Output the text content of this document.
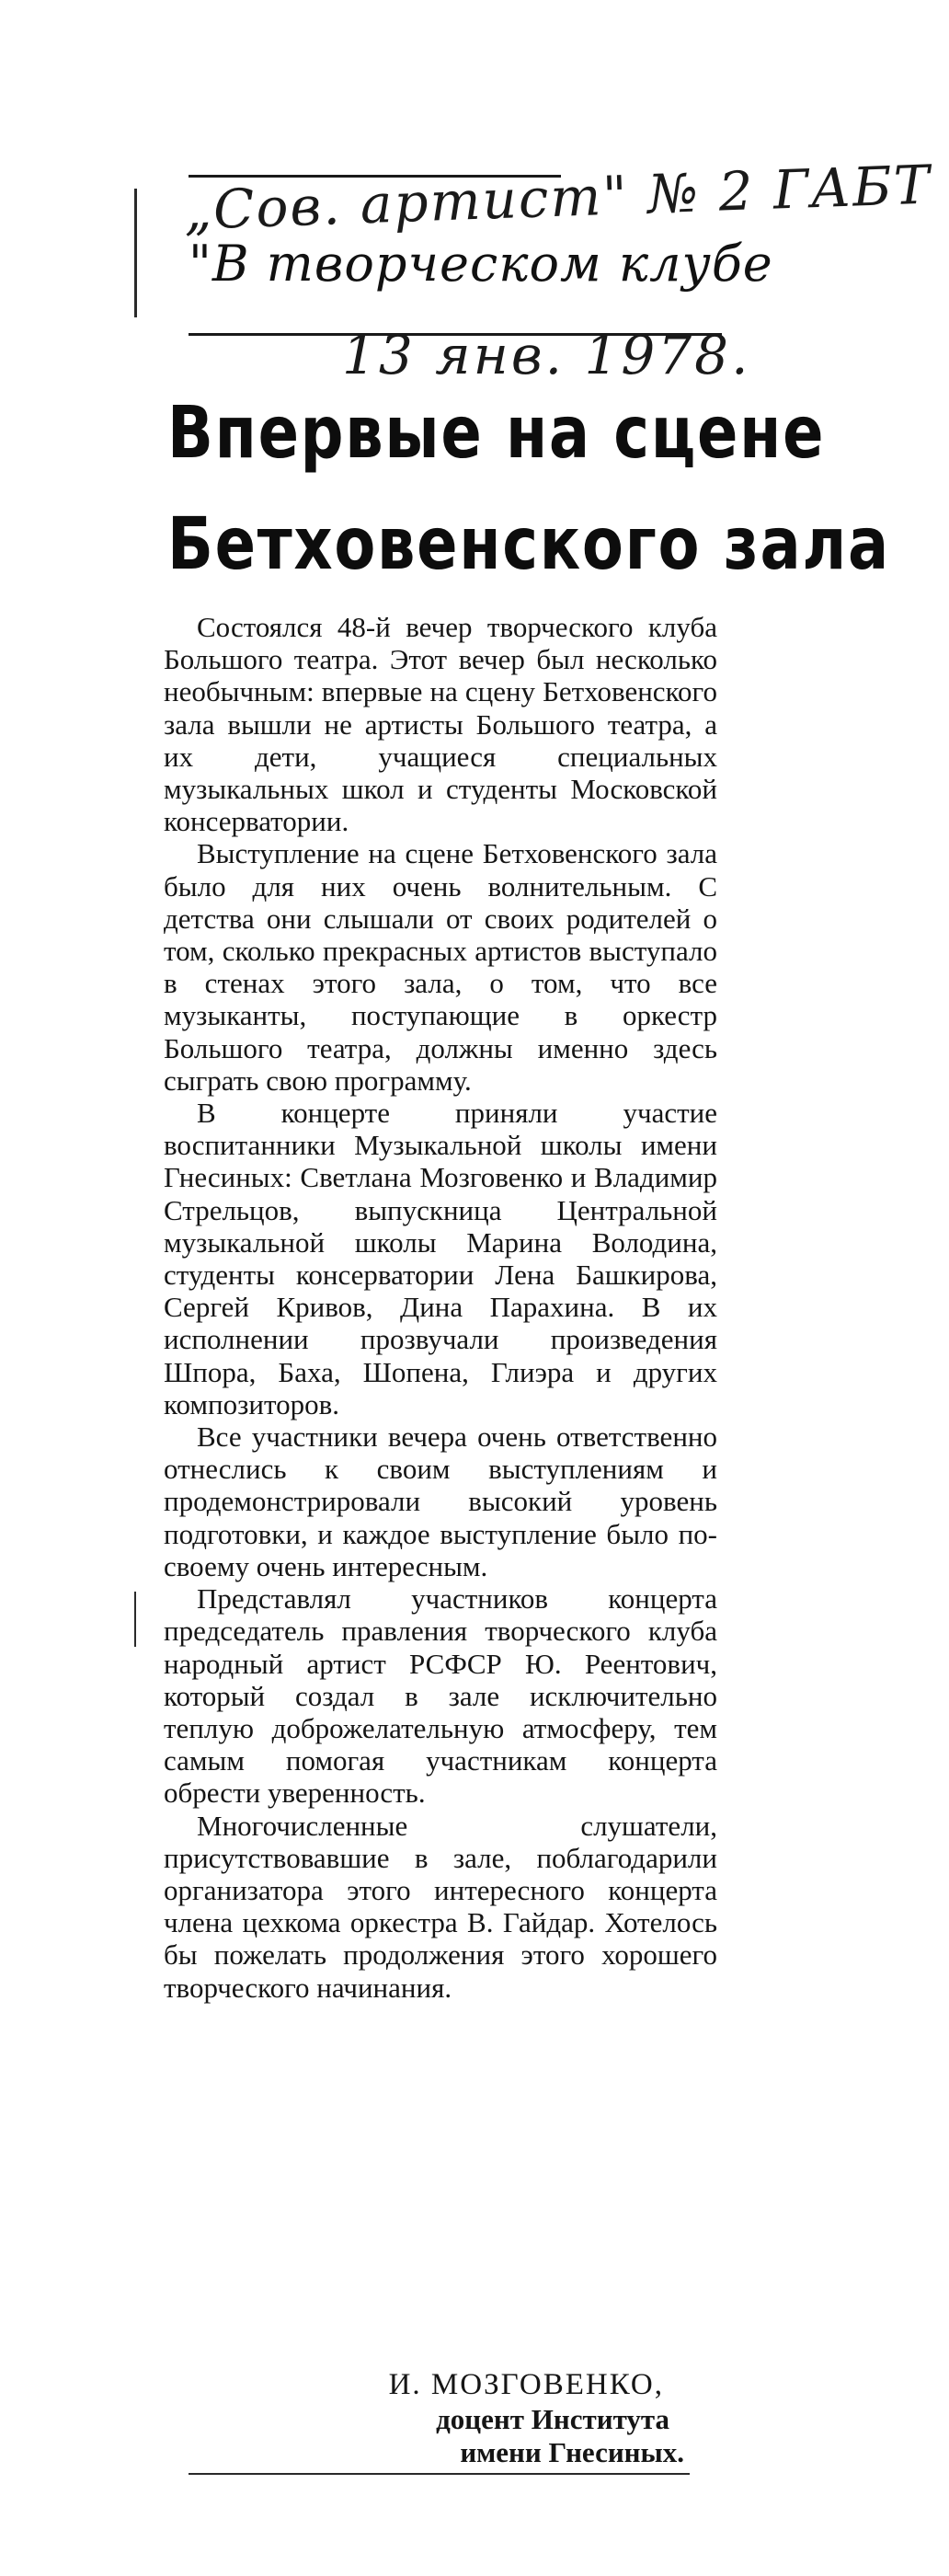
„Сов. артист" № 2 ГАБТ
"В творческом клубе
13 янв. 1978.
Впервые на сцене
Бетховенского зала

Состоялся 48-й вечер творческого клуба Большого театра. Этот вечер был несколько необычным: впервые на сцену Бетховенского зала вышли не артисты Большого театра, а их дети, учащиеся специальных музыкальных школ и студенты Московской консерватории.

Выступление на сцене Бетховенского зала было для них очень волнительным. С детства они слышали от своих родителей о том, сколько прекрасных артистов выступало в стенах этого зала, о том, что все музыканты, поступающие в оркестр Большого театра, должны именно здесь сыграть свою программу.

В концерте приняли участие воспитанники Музыкальной школы имени Гнесиных: Светлана Мозговенко и Владимир Стрельцов, выпускница Центральной музыкальной школы Марина Володина, студенты консерватории Лена Башкирова, Сергей Кривов, Дина Парахина. В их исполнении прозвучали произведения Шпора, Баха, Шопена, Глиэра и других композиторов.

Все участники вечера очень ответственно отнеслись к своим выступлениям и продемонстрировали высокий уровень подготовки, и каждое выступление было по-своему очень интересным.

Представлял участников концерта председатель правления творческого клуба народный артист РСФСР Ю. Реентович, который создал в зале исключительно теплую доброжелательную атмосферу, тем самым помогая участникам концерта обрести уверенность.

Многочисленные слушатели, присутствовавшие в зале, поблагодарили организатора этого интересного концерта члена цехкома оркестра В. Гайдар. Хотелось бы пожелать продолжения этого хорошего творческого начинания.

И. МОЗГОВЕНКО,
доцент Института
имени Гнесиных.
